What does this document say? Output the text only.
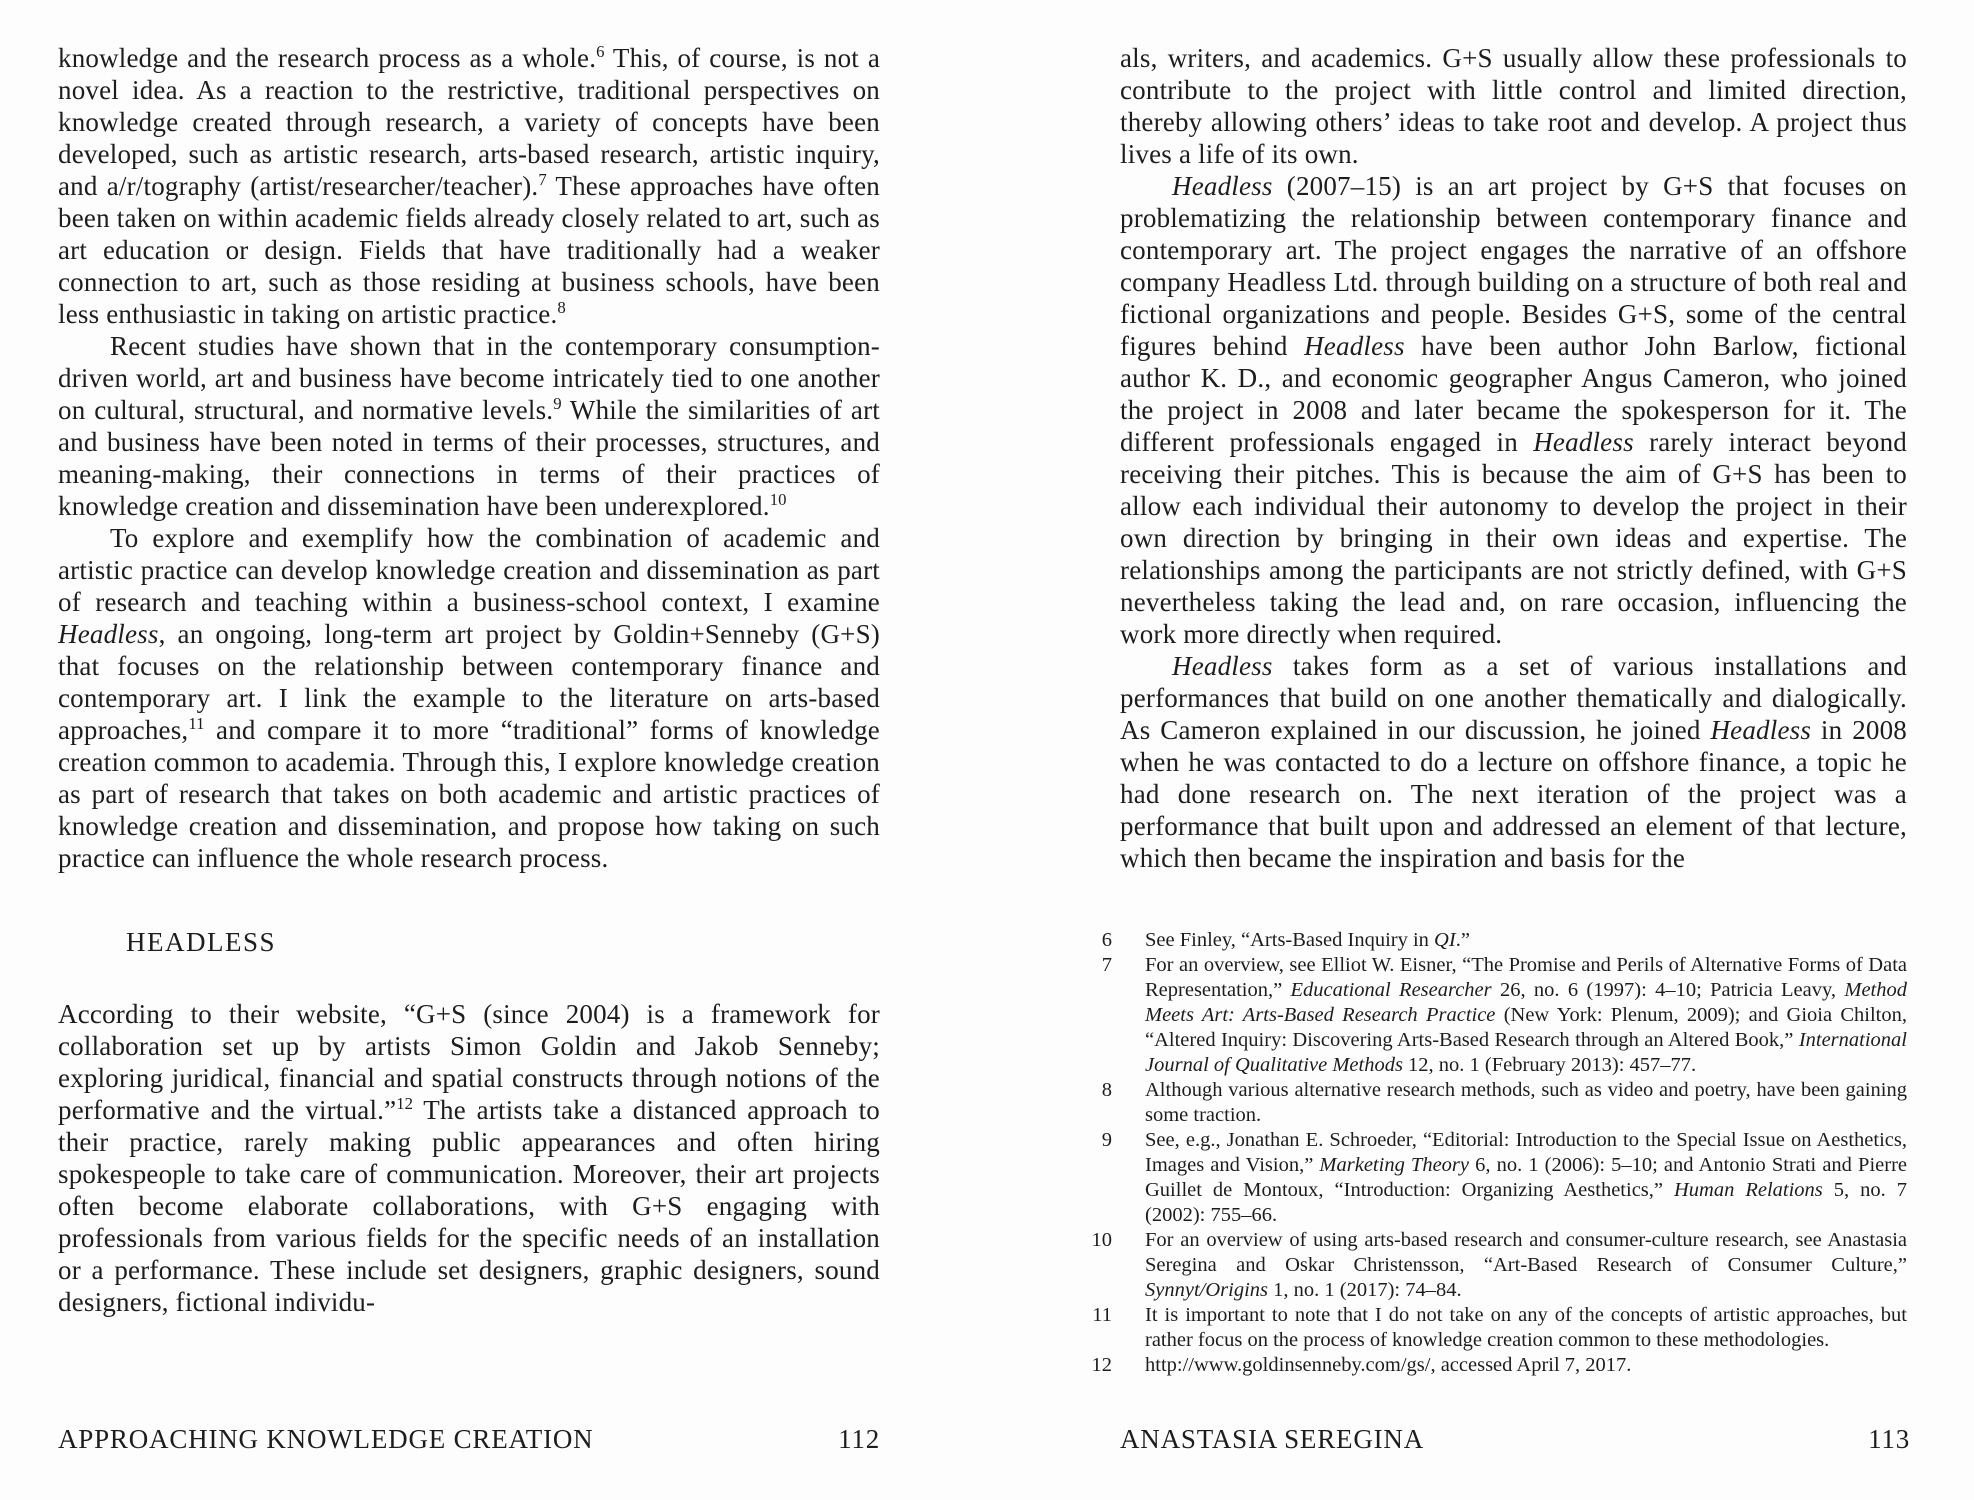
knowledge and the research process as a whole.$^6$ This, of course, is not a novel idea. As a reaction to the restrictive, traditional perspectives on knowledge created through research, a variety of concepts have been developed, such as artistic research, arts-based research, artistic inquiry, and a/r/tography (artist/researcher/teacher).$^7$ These approaches have often been taken on within academic fields already closely related to art, such as art education or design. Fields that have traditionally had a weaker connection to art, such as those residing at business schools, have been less enthusiastic in taking on artistic practice.$^8$

Recent studies have shown that in the contemporary consumption-driven world, art and business have become intricately tied to one another on cultural, structural, and normative levels.$^9$ While the similarities of art and business have been noted in terms of their processes, structures, and meaning-making, their connections in terms of their practices of knowledge creation and dissemination have been underexplored.$^{10}$

To explore and exemplify how the combination of academic and artistic practice can develop knowledge creation and dissemination as part of research and teaching within a business-school context, I examine Headless, an ongoing, long-term art project by Goldin+Senneby (G+S) that focuses on the relationship between contemporary finance and contemporary art. I link the example to the literature on arts-based approaches,$^{11}$ and compare it to more “traditional” forms of knowledge creation common to academia. Through this, I explore knowledge creation as part of research that takes on both academic and artistic practices of knowledge creation and dissemination, and propose how taking on such practice can influence the whole research process.

HEADLESS

According to their website, “G+S (since 2004) is a framework for collaboration set up by artists Simon Goldin and Jakob Senneby; exploring juridical, financial and spatial constructs through notions of the performative and the virtual.”$^{12}$ The artists take a distanced approach to their practice, rarely making public appearances and often hiring spokespeople to take care of communication. Moreover, their art projects often become elaborate collaborations, with G+S engaging with professionals from various fields for the specific needs of an installation or a performance. These include set designers, graphic designers, sound designers, fictional individu-

APPROACHING KNOWLEDGE CREATION	112

als, writers, and academics. G+S usually allow these professionals to contribute to the project with little control and limited direction, thereby allowing others’ ideas to take root and develop. A project thus lives a life of its own.

Headless (2007–15) is an art project by G+S that focuses on problematizing the relationship between contemporary finance and contemporary art. The project engages the narrative of an offshore company Headless Ltd. through building on a structure of both real and fictional organizations and people. Besides G+S, some of the central figures behind Headless have been author John Barlow, fictional author K. D., and economic geographer Angus Cameron, who joined the project in 2008 and later became the spokesperson for it. The different professionals engaged in Headless rarely interact beyond receiving their pitches. This is because the aim of G+S has been to allow each individual their autonomy to develop the project in their own direction by bringing in their own ideas and expertise. The relationships among the participants are not strictly defined, with G+S nevertheless taking the lead and, on rare occasion, influencing the work more directly when required.

Headless takes form as a set of various installations and performances that build on one another thematically and dialogically. As Cameron explained in our discussion, he joined Headless in 2008 when he was contacted to do a lecture on offshore finance, a topic he had done research on. The next iteration of the project was a performance that built upon and addressed an element of that lecture, which then became the inspiration and basis for the

6 See Finley, “Arts-Based Inquiry in QI.”
7 For an overview, see Elliot W. Eisner, “The Promise and Perils of Alternative Forms of Data Representation,” Educational Researcher 26, no. 6 (1997): 4–10; Patricia Leavy, Method Meets Art: Arts-Based Research Practice (New York: Plenum, 2009); and Gioia Chilton, “Altered Inquiry: Discovering Arts-Based Research through an Altered Book,” International Journal of Qualitative Methods 12, no. 1 (February 2013): 457–77.
8 Although various alternative research methods, such as video and poetry, have been gaining some traction.
9 See, e.g., Jonathan E. Schroeder, “Editorial: Introduction to the Special Issue on Aesthetics, Images and Vision,” Marketing Theory 6, no. 1 (2006): 5–10; and Antonio Strati and Pierre Guillet de Montoux, “Introduction: Organizing Aesthetics,” Human Relations 5, no. 7 (2002): 755–66.
10 For an overview of using arts-based research and consumer-culture research, see Anastasia Seregina and Oskar Christensson, “Art-Based Research of Consumer Culture,” Synnyt/Origins 1, no. 1 (2017): 74–84.
11 It is important to note that I do not take on any of the concepts of artistic approaches, but rather focus on the process of knowledge creation common to these methodologies.
12 http://www.goldinsenneby.com/gs/, accessed April 7, 2017.
ANASTASIA SEREGINA	113
